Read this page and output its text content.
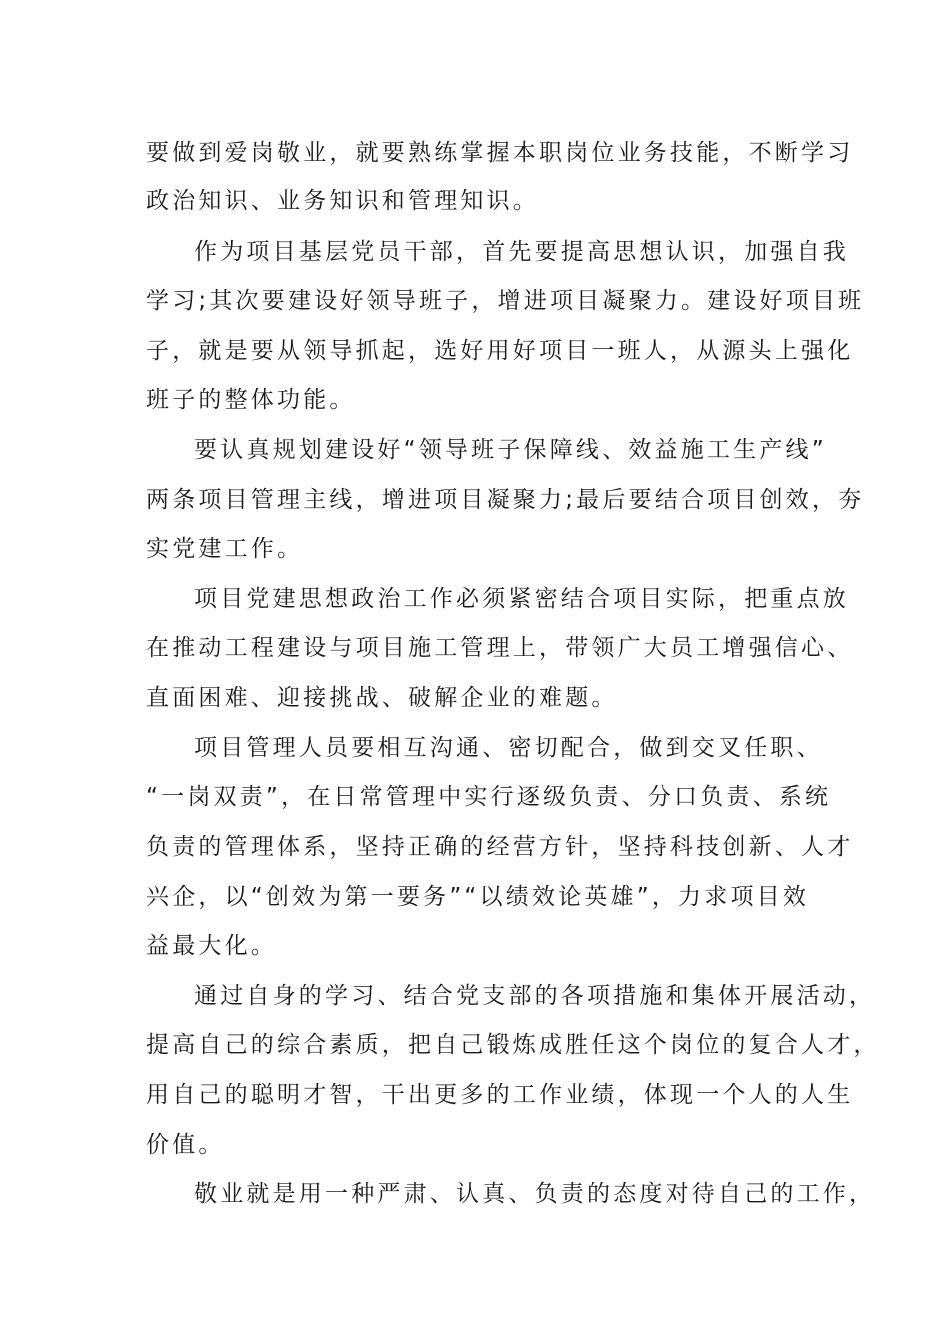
要做到爱岗敬业，就要熟练掌握本职岗位业务技能，不断学习
政治知识、业务知识和管理知识。
作为项目基层党员干部，首先要提高思想认识，加强自我
学习;其次要建设好领导班子，增进项目凝聚力。建设好项目班
子，就是要从领导抓起，选好用好项目一班人，从源头上强化
班子的整体功能。
要认真规划建设好“领导班子保障线、效益施工生产线”
两条项目管理主线，增进项目凝聚力;最后要结合项目创效，夯
实党建工作。
项目党建思想政治工作必须紧密结合项目实际，把重点放
在推动工程建设与项目施工管理上，带领广大员工增强信心、
直面困难、迎接挑战、破解企业的难题。
项目管理人员要相互沟通、密切配合，做到交叉任职、
“一岗双责”，在日常管理中实行逐级负责、分口负责、系统
负责的管理体系，坚持正确的经营方针，坚持科技创新、人才
兴企，以“创效为第一要务”“以绩效论英雄”，力求项目效
益最大化。
通过自身的学习、结合党支部的各项措施和集体开展活动，
提高自己的综合素质，把自己锻炼成胜任这个岗位的复合人才，
用自己的聪明才智，干出更多的工作业绩，体现一个人的人生
价值。
敬业就是用一种严肃、认真、负责的态度对待自己的工作，
